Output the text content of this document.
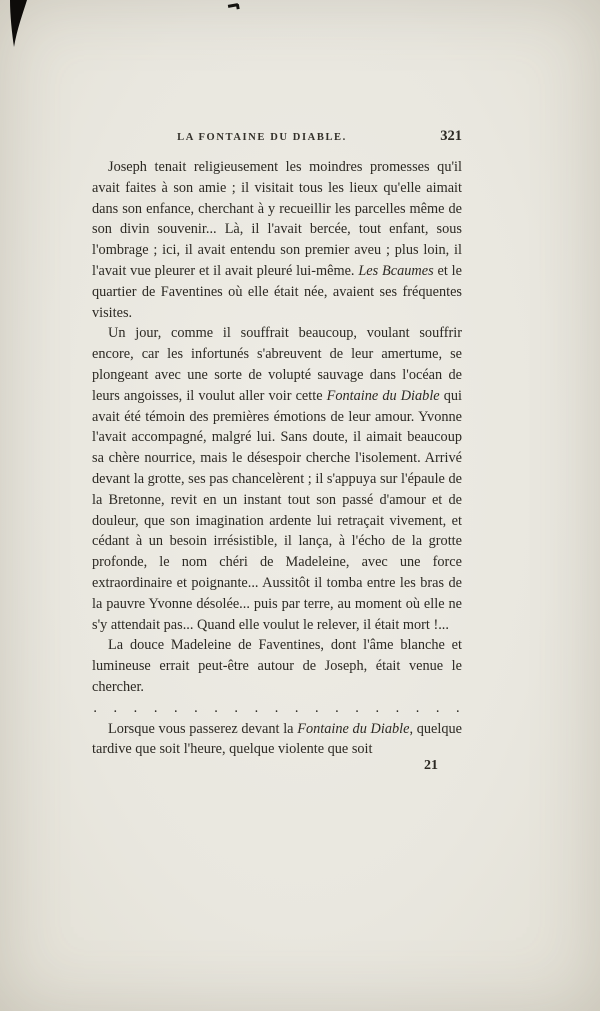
LA FONTAINE DU DIABLE.	321

Joseph tenait religieusement les moindres promesses qu'il avait faites à son amie ; il visitait tous les lieux qu'elle aimait dans son enfance, cherchant à y recueillir les parcelles même de son divin souvenir... Là, il l'avait bercée, tout enfant, sous l'ombrage ; ici, il avait entendu son premier aveu ; plus loin, il l'avait vue pleurer et il avait pleuré lui-même. Les Bcaumes et le quartier de Faventines où elle était née, avaient ses fréquentes visites.

Un jour, comme il souffrait beaucoup, voulant souffrir encore, car les infortunés s'abreuvent de leur amertume, se plongeant avec une sorte de volupté sauvage dans l'océan de leurs angoisses, il voulut aller voir cette Fontaine du Diable qui avait été témoin des premières émotions de leur amour. Yvonne l'avait accompagné, malgré lui. Sans doute, il aimait beaucoup sa chère nourrice, mais le désespoir cherche l'isolement. Arrivé devant la grotte, ses pas chancelèrent ; il s'appuya sur l'épaule de la Bretonne, revit en un instant tout son passé d'amour et de douleur, que son imagination ardente lui retraçait vivement, et cédant à un besoin irrésistible, il lança, à l'écho de la grotte profonde, le nom chéri de Madeleine, avec une force extraordinaire et poignante... Aussitôt il tomba entre les bras de la pauvre Yvonne désolée... puis par terre, au moment où elle ne s'y attendait pas... Quand elle voulut le relever, il était mort !...

La douce Madeleine de Faventines, dont l'âme blanche et lumineuse errait peut-être autour de Joseph, était venue le chercher.

. . . . . . . . . . . . . . . . . . .

Lorsque vous passerez devant la Fontaine du Diable, quelque tardive que soit l'heure, quelque violente que soit

21
